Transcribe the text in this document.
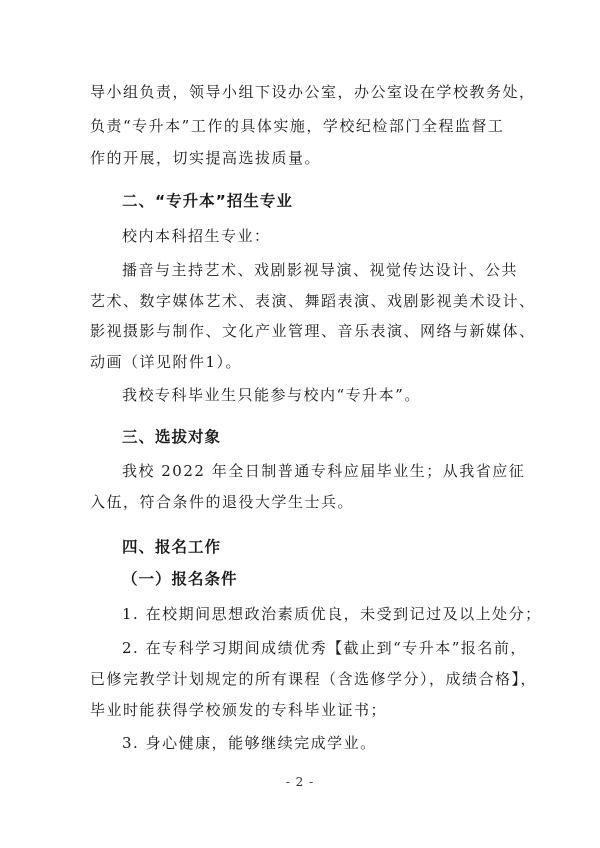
导小组负责，领导小组下设办公室，办公室设在学校教务处，
负责“专升本”工作的具体实施，学校纪检部门全程监督工
作的开展，切实提高选拔质量。
二、“专升本”招生专业
校内本科招生专业：
播音与主持艺术、戏剧影视导演、视觉传达设计、公共
艺术、数字媒体艺术、表演、舞蹈表演、戏剧影视美术设计、
影视摄影与制作、文化产业管理、音乐表演、网络与新媒体、
动画（详见附件1）。
我校专科毕业生只能参与校内“专升本”。
三、选拔对象
我校 2022 年全日制普通专科应届毕业生；从我省应征
入伍，符合条件的退役大学生士兵。
四、报名工作
（一）报名条件
1. 在校期间思想政治素质优良，未受到记过及以上处分；
2. 在专科学习期间成绩优秀【截止到“专升本”报名前，
已修完教学计划规定的所有课程（含选修学分），成绩合格】，
毕业时能获得学校颁发的专科毕业证书；
3. 身心健康，能够继续完成学业。
- 2 -
